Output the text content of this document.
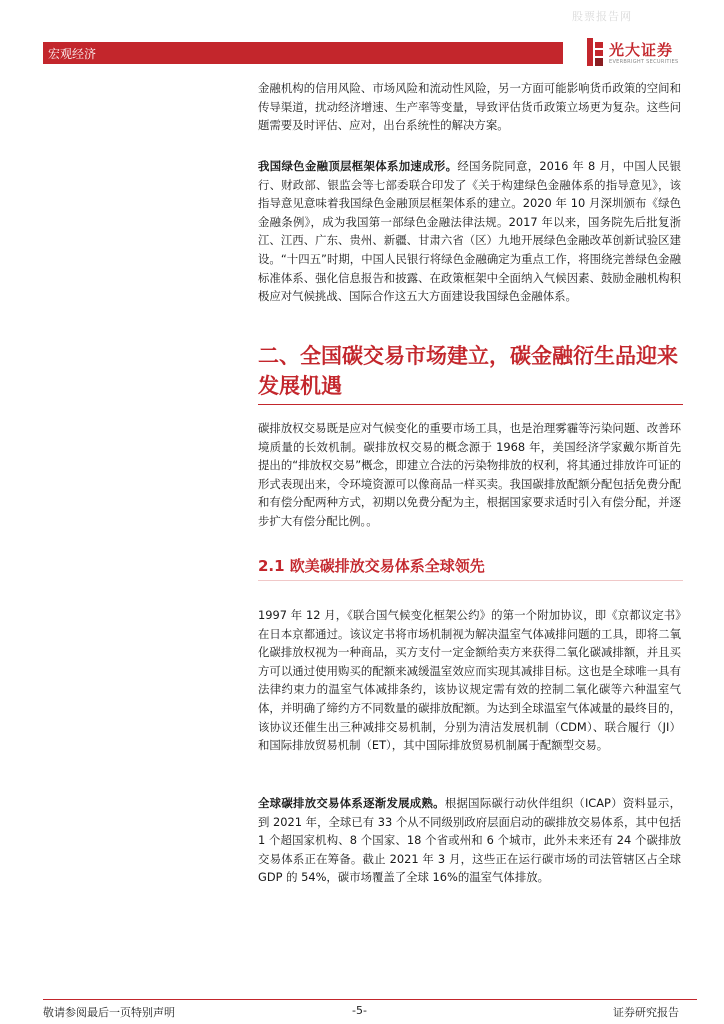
股票报告网
宏观经济	光大证券
EVERBRIGHT SECURITIES

金融机构的信用风险、市场风险和流动性风险，另一方面可能影响货币政策的空间和传导渠道，扰动经济增速、生产率等变量，导致评估货币政策立场更为复杂。这些问题需要及时评估、应对，出台系统性的解决方案。

我国绿色金融顶层框架体系加速成形。经国务院同意，2016 年 8 月，中国人民银行、财政部、银监会等七部委联合印发了《关于构建绿色金融体系的指导意见》，该指导意见意味着我国绿色金融顶层框架体系的建立。2020 年 10 月深圳颁布《绿色金融条例》，成为我国第一部绿色金融法律法规。2017 年以来，国务院先后批复浙江、江西、广东、贵州、新疆、甘肃六省（区）九地开展绿色金融改革创新试验区建设。“十四五”时期，中国人民银行将绿色金融确定为重点工作，将围绕完善绿色金融标准体系、强化信息报告和披露、在政策框架中全面纳入气候因素、鼓励金融机构积极应对气候挑战、国际合作这五大方面建设我国绿色金融体系。

二、全国碳交易市场建立，碳金融衍生品迎来发展机遇

碳排放权交易既是应对气候变化的重要市场工具，也是治理雾霾等污染问题、改善环境质量的长效机制。碳排放权交易的概念源于 1968 年，美国经济学家戴尔斯首先提出的“排放权交易”概念，即建立合法的污染物排放的权利，将其通过排放许可证的形式表现出来，令环境资源可以像商品一样买卖。我国碳排放配额分配包括免费分配和有偿分配两种方式，初期以免费分配为主，根据国家要求适时引入有偿分配，并逐步扩大有偿分配比例。。

2.1 欧美碳排放交易体系全球领先

1997 年 12 月，《联合国气候变化框架公约》的第一个附加协议，即《京都议定书》在日本京都通过。该议定书将市场机制视为解决温室气体减排问题的工具，即将二氧化碳排放权视为一种商品，买方支付一定金额给卖方来获得二氧化碳减排额，并且买方可以通过使用购买的配额来减缓温室效应而实现其减排目标。这也是全球唯一具有法律约束力的温室气体减排条约，该协议规定需有效的控制二氧化碳等六种温室气体，并明确了缔约方不同数量的碳排放配额。为达到全球温室气体减量的最终目的，该协议还催生出三种减排交易机制，分别为清洁发展机制（CDM）、联合履行（JI）和国际排放贸易机制（ET），其中国际排放贸易机制属于配额型交易。

全球碳排放交易体系逐渐发展成熟。根据国际碳行动伙伴组织（ICAP）资料显示，到 2021 年，全球已有 33 个从不同级别政府层面启动的碳排放交易体系，其中包括 1 个超国家机构、8 个国家、18 个省或州和 6 个城市，此外未来还有 24 个碳排放交易体系正在筹备。截止 2021 年 3 月，这些正在运行碳市场的司法管辖区占全球 GDP 的 54%，碳市场覆盖了全球 16%的温室气体排放。

敬请参阅最后一页特别声明	-5-	证券研究报告
